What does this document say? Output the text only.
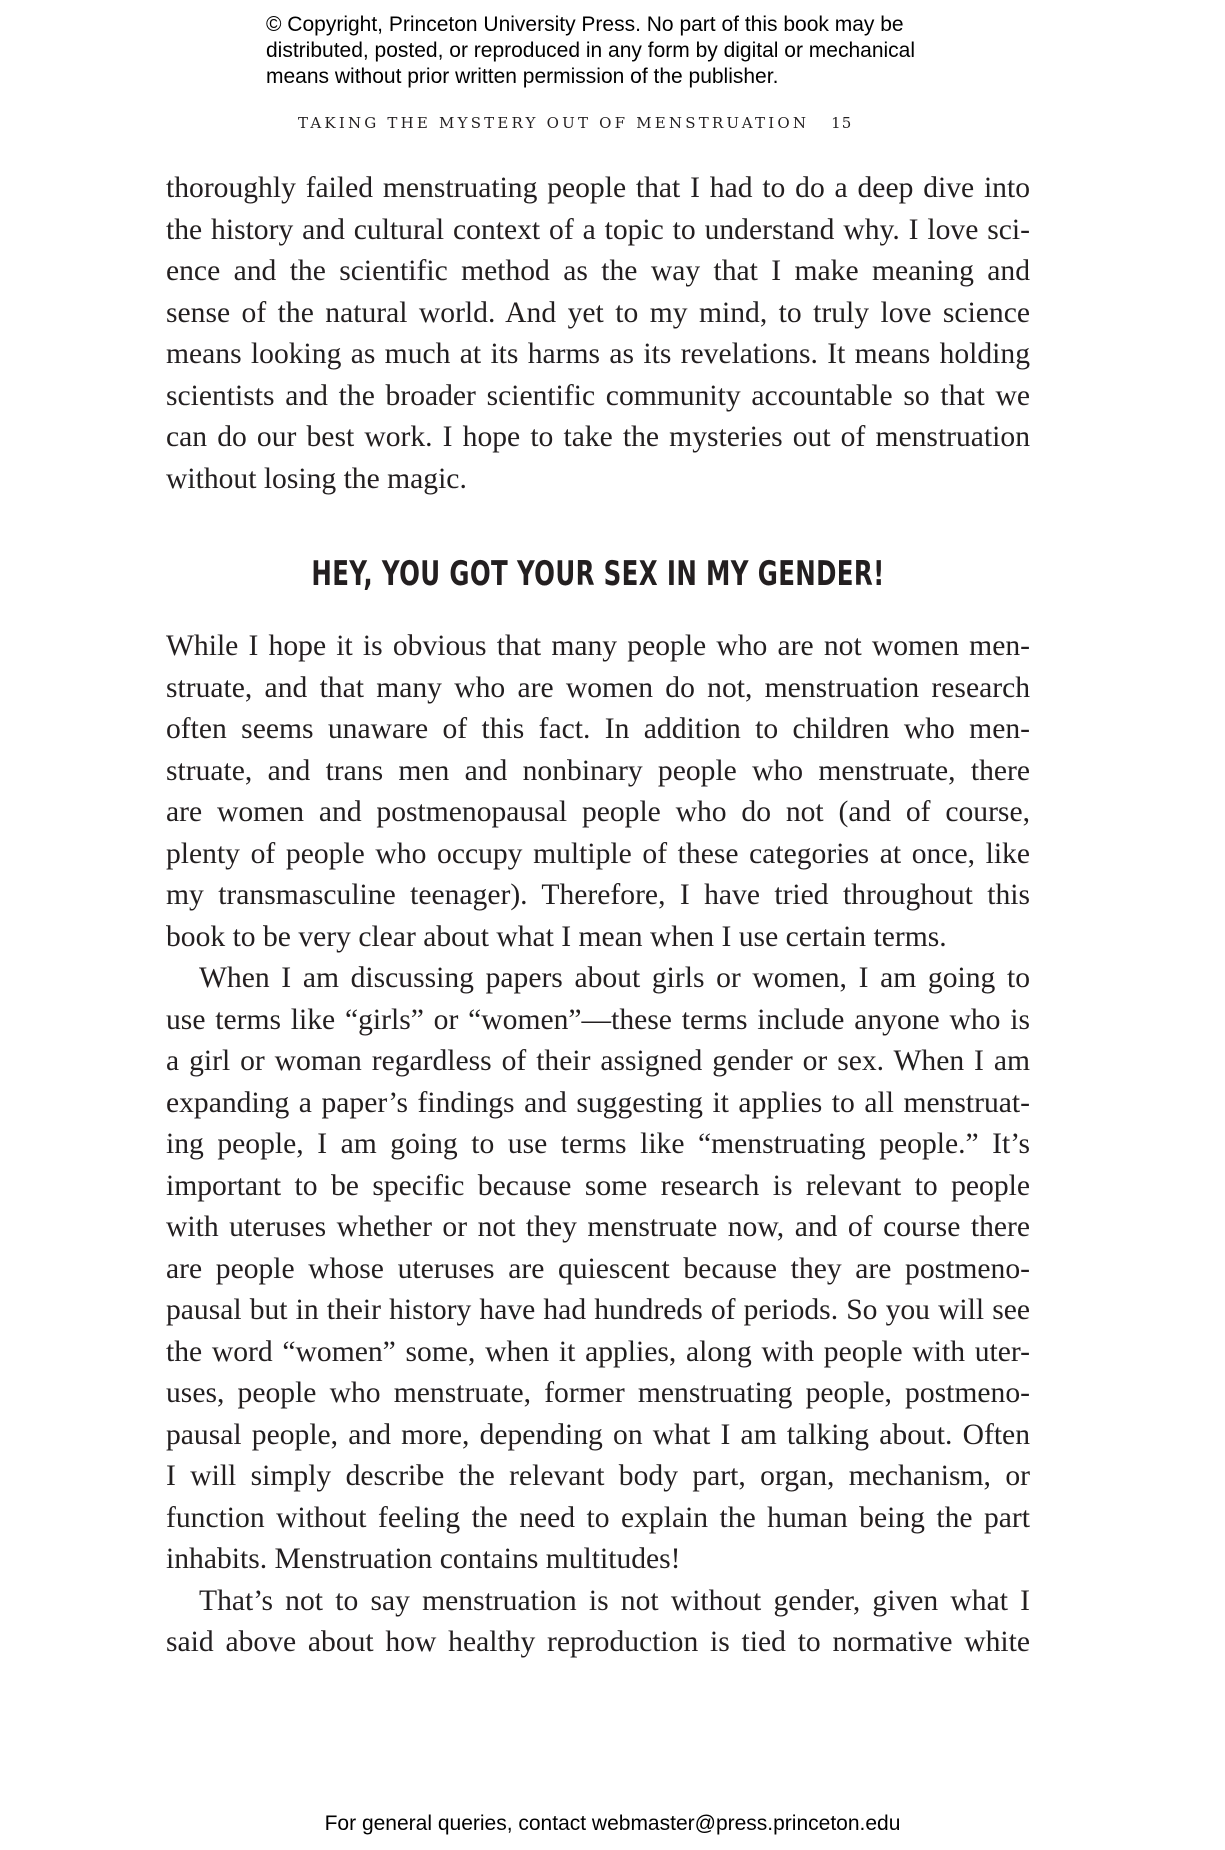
© Copyright, Princeton University Press. No part of this book may be
distributed, posted, or reproduced in any form by digital or mechanical
means without prior written permission of the publisher.
TAKING THE MYSTERY OUT OF MENSTRUATION 15
thoroughly failed menstruating people that I had to do a deep dive into
the history and cultural context of a topic to understand why. I love sci-
ence and the scientific method as the way that I make meaning and
sense of the natural world. And yet to my mind, to truly love science
means looking as much at its harms as its revelations. It means holding
scientists and the broader scientific community accountable so that we
can do our best work. I hope to take the mysteries out of menstruation
without losing the magic.
HEY, YOU GOT YOUR SEX IN MY GENDER!
While I hope it is obvious that many people who are not women men-
struate, and that many who are women do not, menstruation research
often seems unaware of this fact. In addition to children who men-
struate, and trans men and nonbinary people who menstruate, there
are women and postmenopausal people who do not (and of course,
plenty of people who occupy multiple of these categories at once, like
my transmasculine teenager). Therefore, I have tried throughout this
book to be very clear about what I mean when I use certain terms.
When I am discussing papers about girls or women, I am going to
use terms like “girls” or “women”—these terms include anyone who is
a girl or woman regardless of their assigned gender or sex. When I am
expanding a paper’s findings and suggesting it applies to all menstruat-
ing people, I am going to use terms like “menstruating people.” It’s
important to be specific because some research is relevant to people
with uteruses whether or not they menstruate now, and of course there
are people whose uteruses are quiescent because they are postmeno-
pausal but in their history have had hundreds of periods. So you will see
the word “women” some, when it applies, along with people with uter-
uses, people who menstruate, former menstruating people, postmeno-
pausal people, and more, depending on what I am talking about. Often
I will simply describe the relevant body part, organ, mechanism, or
function without feeling the need to explain the human being the part
inhabits. Menstruation contains multitudes!
That’s not to say menstruation is not without gender, given what I
said above about how healthy reproduction is tied to normative white
For general queries, contact webmaster@press.princeton.edu
